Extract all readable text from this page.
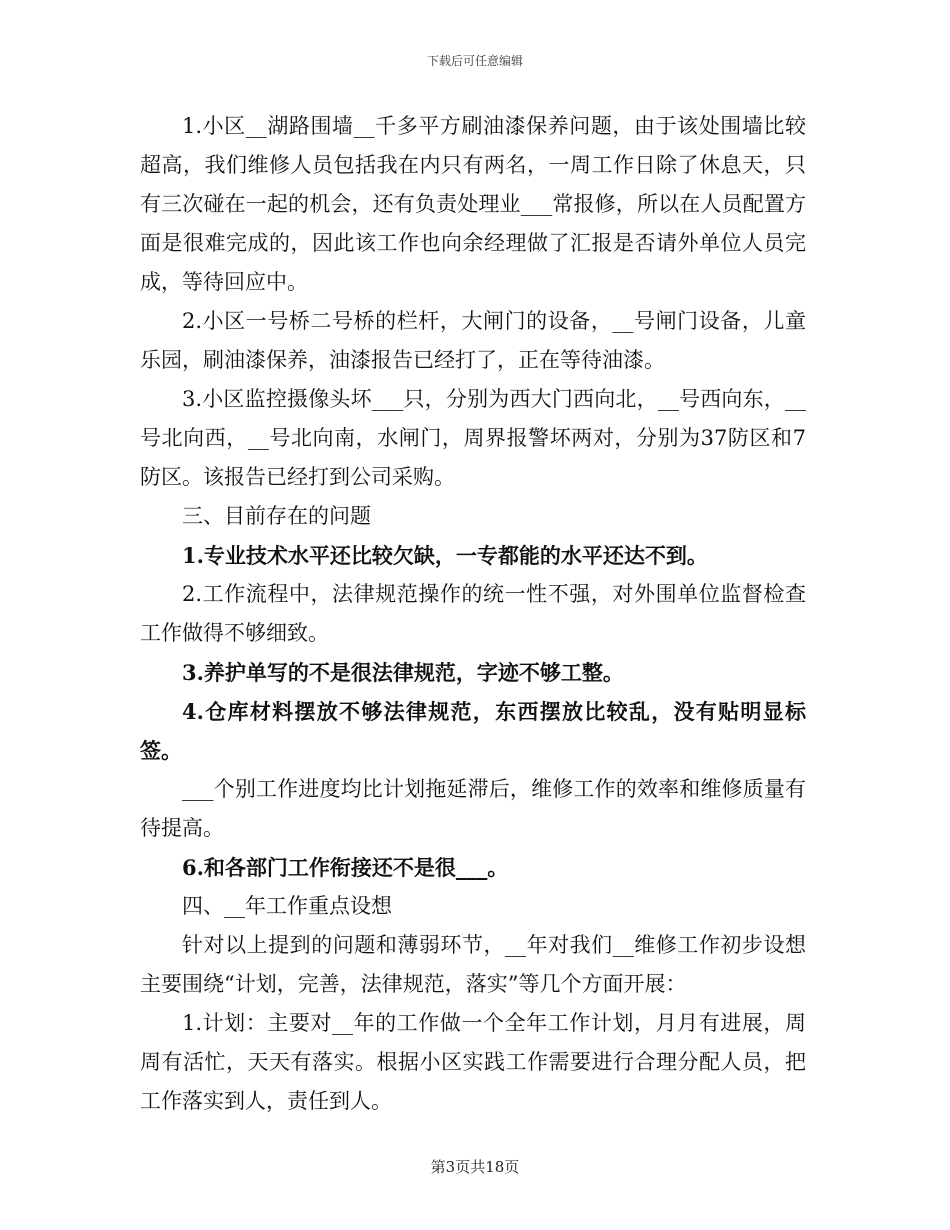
下载后可任意编辑

1.小区__湖路围墙__千多平方刷油漆保养问题，由于该处围墙比较超高，我们维修人员包括我在内只有两名，一周工作日除了休息天，只有三次碰在一起的机会，还有负责处理业___常报修，所以在人员配置方面是很难完成的，因此该工作也向余经理做了汇报是否请外单位人员完成，等待回应中。

2.小区一号桥二号桥的栏杆，大闸门的设备，__号闸门设备，儿童乐园，刷油漆保养，油漆报告已经打了，正在等待油漆。

3.小区监控摄像头坏___只，分别为西大门西向北，__号西向东，__号北向西，__号北向南，水闸门，周界报警坏两对，分别为37防区和7防区。该报告已经打到公司采购。

三、目前存在的问题

1.专业技术水平还比较欠缺，一专都能的水平还达不到。

2.工作流程中，法律规范操作的统一性不强，对外围单位监督检查工作做得不够细致。

3.养护单写的不是很法律规范，字迹不够工整。

4.仓库材料摆放不够法律规范，东西摆放比较乱，没有贴明显标签。

___个别工作进度均比计划拖延滞后，维修工作的效率和维修质量有待提高。

6.和各部门工作衔接还不是很___。

四、__年工作重点设想

针对以上提到的问题和薄弱环节，__年对我们__维修工作初步设想主要围绕“计划，完善，法律规范，落实”等几个方面开展：

1.计划：主要对__年的工作做一个全年工作计划，月月有进展，周周有活忙，天天有落实。根据小区实践工作需要进行合理分配人员，把工作落实到人，责任到人。

第3页共18页
